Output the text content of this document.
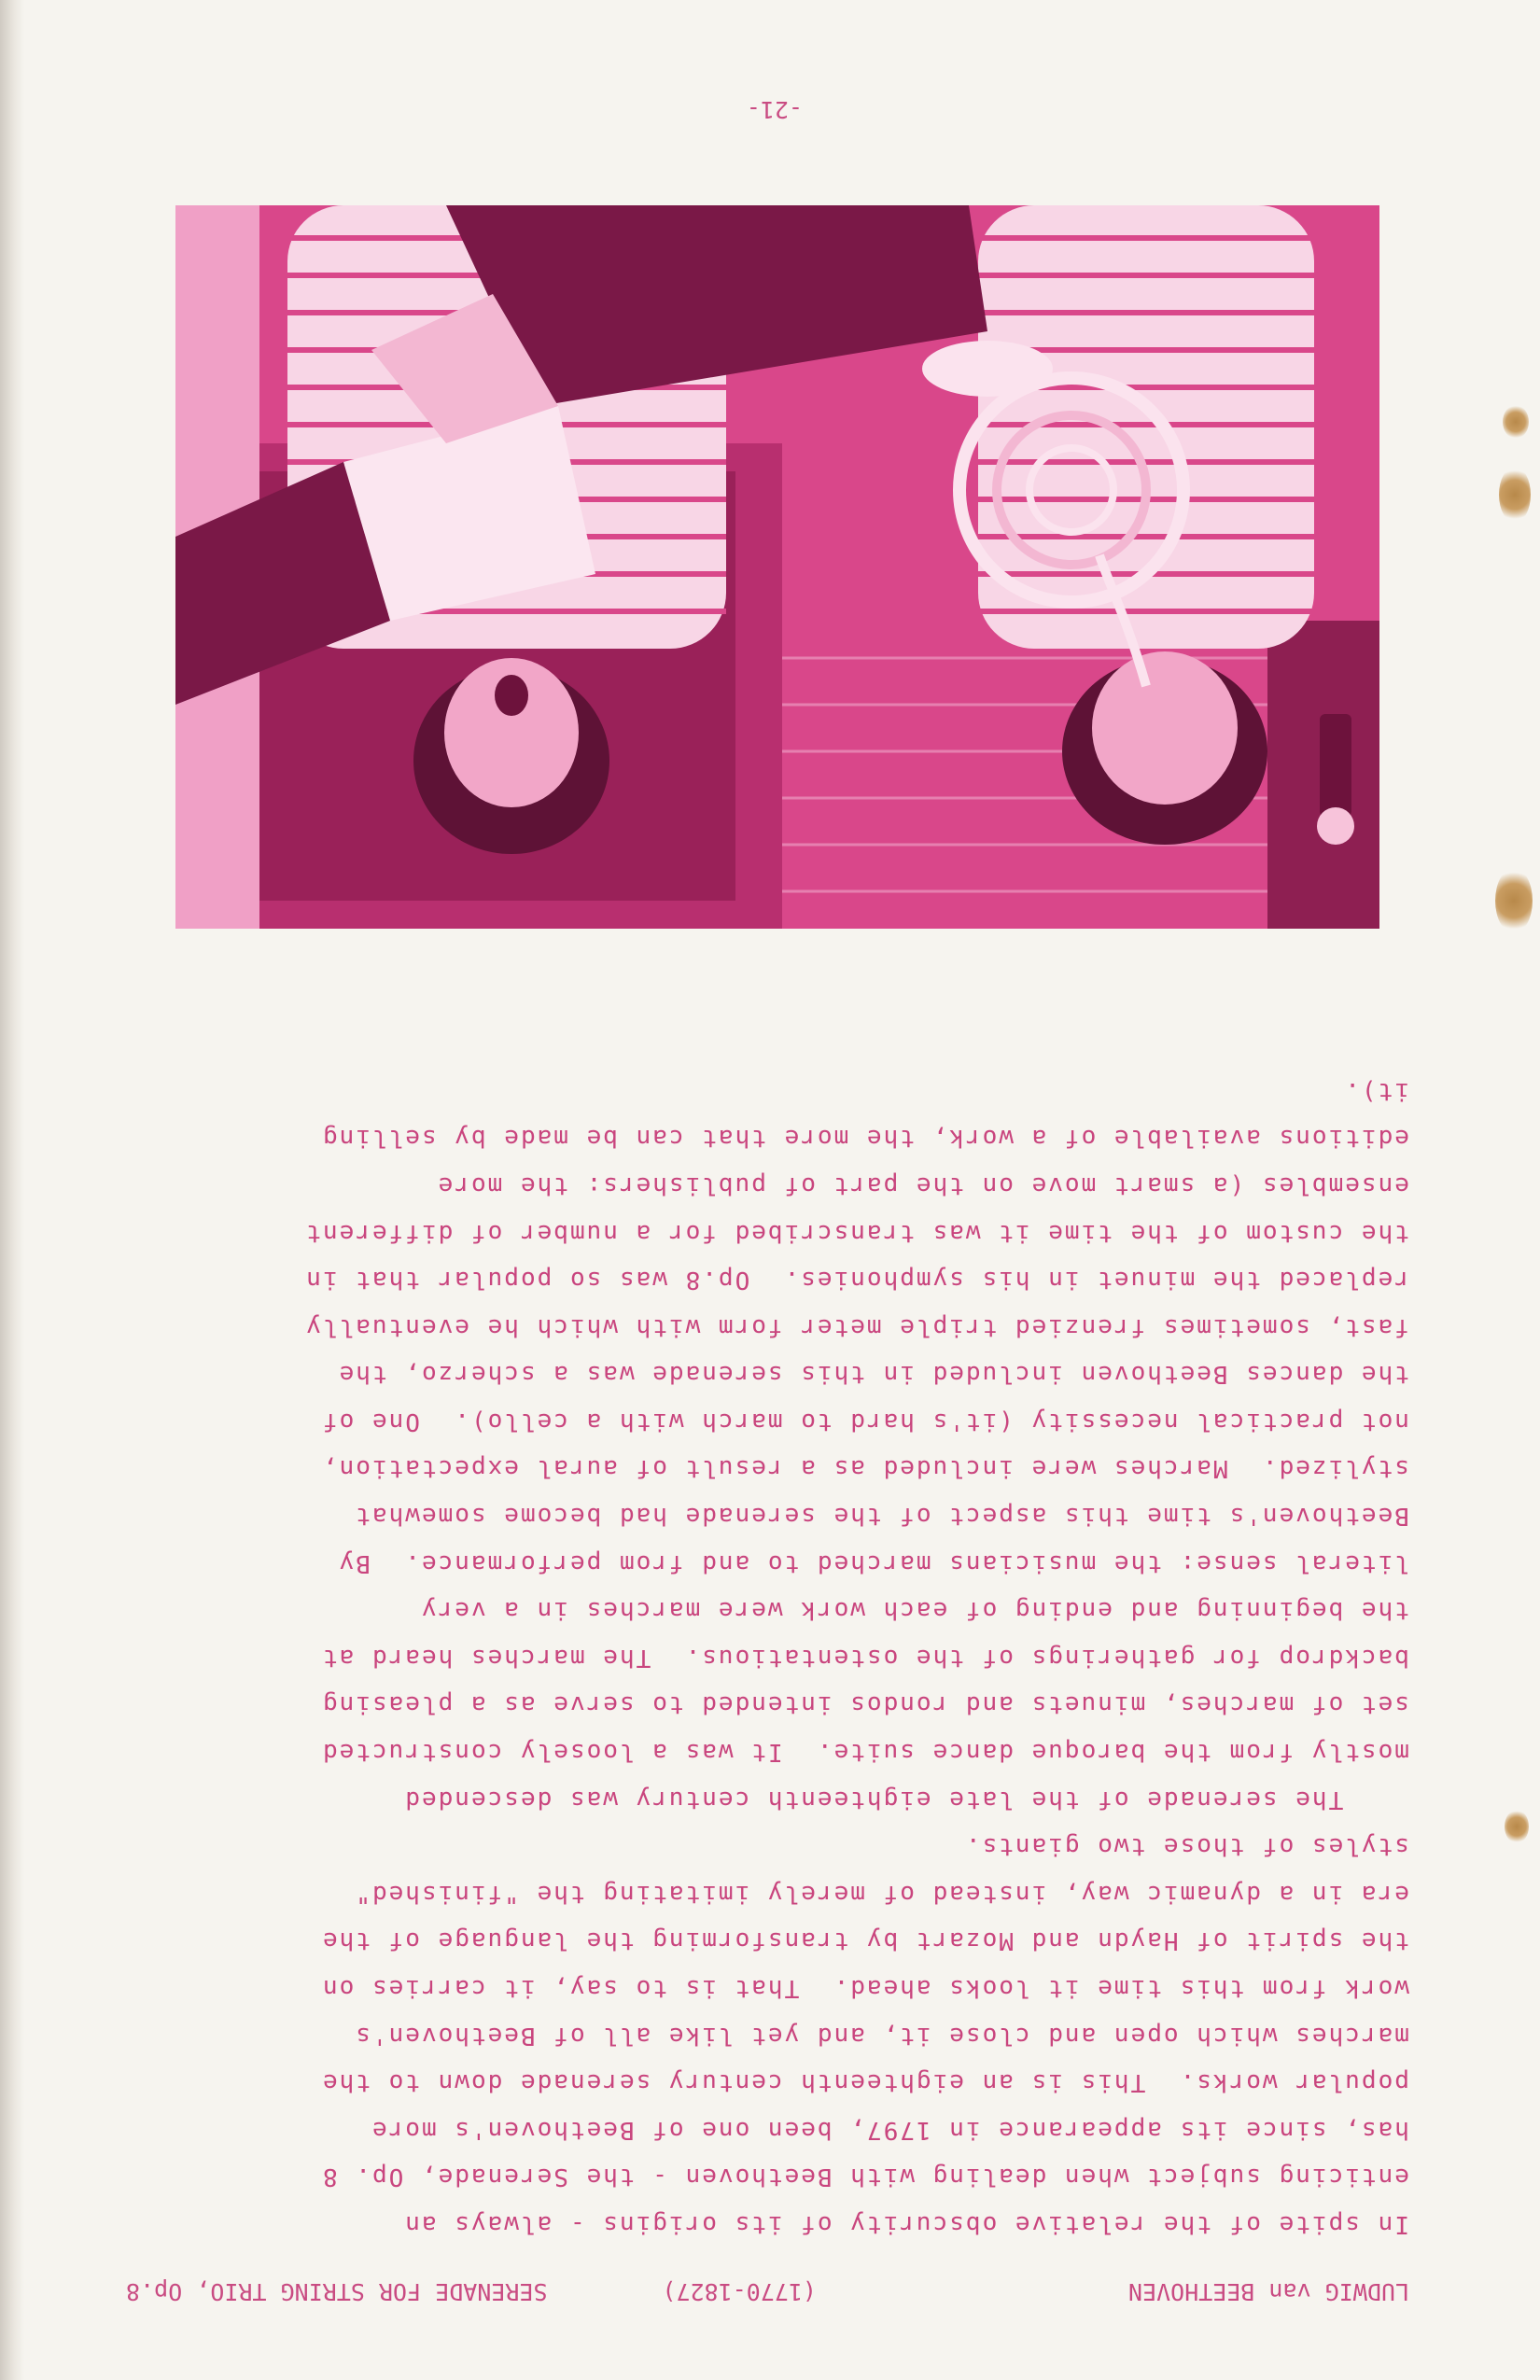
LUDWIG van BEETHOVEN
(1770-1827)
SERENADE FOR STRING TRIO, Op.8
In spite of the relative obscurity of its origins - always an
enticing subject when dealing with Beethoven - the Serenade, Op. 8
has, since its appearance in 1797, been one of Beethoven's more
popular works.  This is an eighteenth century serenade down to the
marches which open and close it, and yet like all of Beethoven's
work from this time it looks ahead.  That is to say, it carries on
the spirit of Haydn and Mozart by transforming the language of the
era in a dynamic way, instead of merely imitating the "finished"
styles of those two giants.
The serenade of the late eighteenth century was descended
mostly from the baroque dance suite.  It was a loosely constructed
set of marches, minuets and rondos intended to serve as a pleasing
backdrop for gatherings of the ostentatious.  The marches heard at
the beginning and ending of each work were marches in a very
literal sense: the musicians marched to and from performance.  By
Beethoven's time this aspect of the serenade had become somewhat
stylized.  Marches were included as a result of aural expectation,
not practical necessity (it's hard to march with a cello).  One of
the dances Beethoven included in this serenade was a scherzo, the
fast, sometimes frenzied triple meter form with which he eventually
replaced the minuet in his symphonies.  Op.8 was so popular that in
the custom of the time it was transcribed for a number of different
ensembles (a smart move on the part of publishers: the more
editions available of a work, the more that can be made by selling
it).
-21-
